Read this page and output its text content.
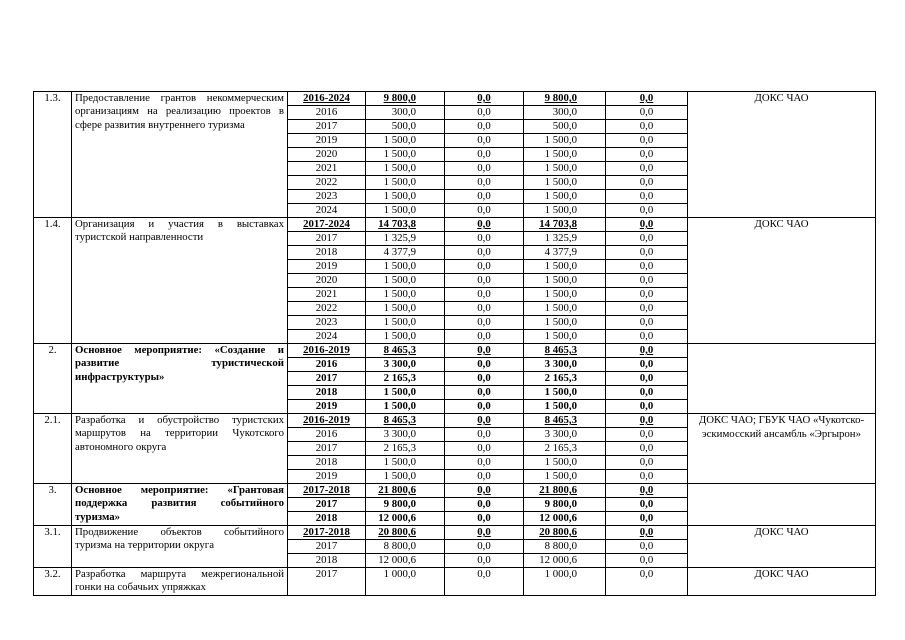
1.3.	Предоставление грантов некоммерческим организациям на реализацию проектов в сфере развития внутреннего туризма	2016-2024	9 800,0	0,0	9 800,0	0,0	ДОКС ЧАО
		2016	300,0	0,0	300,0	0,0	
		2017	500,0	0,0	500,0	0,0	
		2019	1 500,0	0,0	1 500,0	0,0	
		2020	1 500,0	0,0	1 500,0	0,0	
		2021	1 500,0	0,0	1 500,0	0,0	
		2022	1 500,0	0,0	1 500,0	0,0	
		2023	1 500,0	0,0	1 500,0	0,0	
		2024	1 500,0	0,0	1 500,0	0,0	
1.4.	Организация и участия в выставках туристской направленности	2017-2024	14 703,8	0,0	14 703,8	0,0	ДОКС ЧАО
		2017	1 325,9	0,0	1 325,9	0,0	
		2018	4 377,9	0,0	4 377,9	0,0	
		2019	1 500,0	0,0	1 500,0	0,0	
		2020	1 500,0	0,0	1 500,0	0,0	
		2021	1 500,0	0,0	1 500,0	0,0	
		2022	1 500,0	0,0	1 500,0	0,0	
		2023	1 500,0	0,0	1 500,0	0,0	
		2024	1 500,0	0,0	1 500,0	0,0	
2.	Основное мероприятие: «Создание и развитие туристической инфраструктуры»	2016-2019	8 465,3	0,0	8 465,3	0,0	
		2016	3 300,0	0,0	3 300,0	0,0	
		2017	2 165,3	0,0	2 165,3	0,0	
		2018	1 500,0	0,0	1 500,0	0,0	
		2019	1 500,0	0,0	1 500,0	0,0	
2.1.	Разработка и обустройство туристских маршрутов на территории Чукотского автономного округа	2016-2019	8 465,3	0,0	8 465,3	0,0	ДОКС ЧАО; ГБУК ЧАО «Чукотско-эскимосский ансамбль «Эргырон»
		2016	3 300,0	0,0	3 300,0	0,0	
		2017	2 165,3	0,0	2 165,3	0,0	
		2018	1 500,0	0,0	1 500,0	0,0	
		2019	1 500,0	0,0	1 500,0	0,0	
3.	Основное мероприятие: «Грантовая поддержка развития событийного туризма»	2017-2018	21 800,6	0,0	21 800,6	0,0	
		2017	9 800,0	0,0	9 800,0	0,0	
		2018	12 000,6	0,0	12 000,6	0,0	
3.1.	Продвижение объектов событийного туризма на территории округа	2017-2018	20 800,6	0,0	20 800,6	0,0	ДОКС ЧАО
		2017	8 800,0	0,0	8 800,0	0,0	
		2018	12 000,6	0,0	12 000,6	0,0	
3.2.	Разработка маршрута межрегиональной гонки на собачьих упряжках	2017	1 000,0	0,0	1 000,0	0,0	ДОКС ЧАО
